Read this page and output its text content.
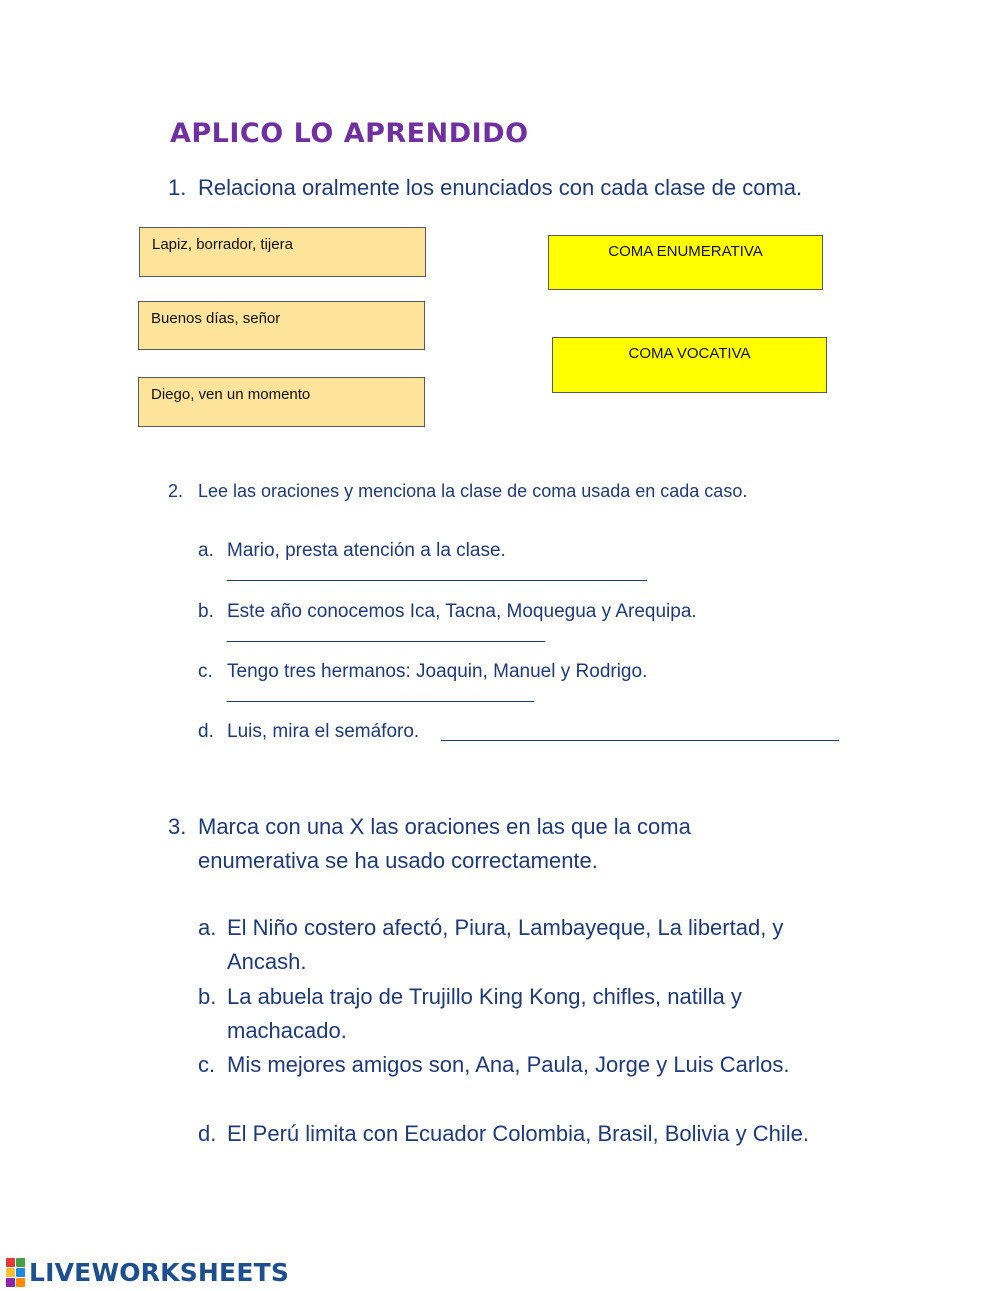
APLICO LO APRENDIDO
1. Relaciona oralmente los enunciados con cada clase de coma.
Lapiz, borrador, tijera
Buenos días, señor
Diego, ven un momento
COMA ENUMERATIVA
COMA VOCATIVA
2. Lee las oraciones y menciona la clase de coma usada en cada caso.
a. Mario, presta atención a la clase.
b. Este año conocemos Ica, Tacna, Moquegua y Arequipa.
c. Tengo tres hermanos: Joaquin, Manuel y Rodrigo.
d. Luis, mira el semáforo.
3. Marca con una X las oraciones en las que la coma
enumerativa se ha usado correctamente.
a. El Niño costero afectó, Piura, Lambayeque, La libertad, y
Ancash.
b. La abuela trajo de Trujillo King Kong, chifles, natilla y
machacado.
c. Mis mejores amigos son, Ana, Paula, Jorge y Luis Carlos.
d. El Perú limita con Ecuador Colombia, Brasil, Bolivia y Chile.
LIVEWORKSHEETS
